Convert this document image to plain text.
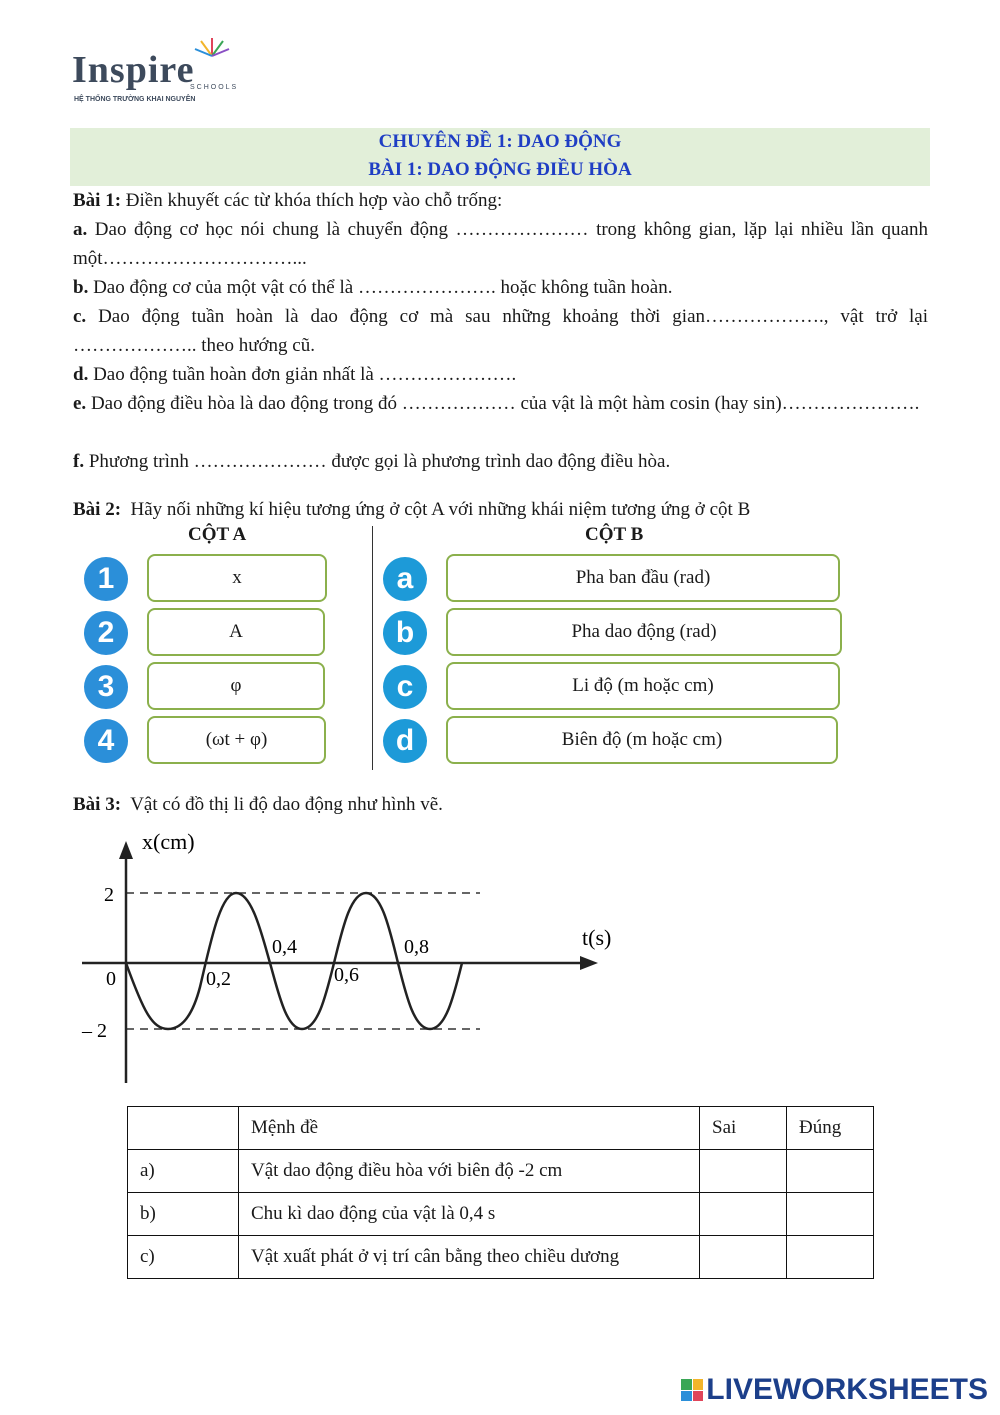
Inspire
SCHOOLS
HỆ THỐNG TRƯỜNG KHAI NGUYÊN
CHUYÊN ĐỀ 1: DAO ĐỘNG
BÀI 1: DAO ĐỘNG ĐIỀU HÒA
Bài 1: Điền khuyết các từ khóa thích hợp vào chỗ trống:
a. Dao động cơ học nói chung là chuyển động ………………… trong không gian, lặp lại nhiều lần quanh một…………………………...
b. Dao động cơ của một vật có thể là …………………. hoặc không tuần hoàn.
c. Dao động tuần hoàn là dao động cơ mà sau những khoảng thời gian………………., vật trở lại ……………….. theo hướng cũ.
d. Dao động tuần hoàn đơn giản nhất là ………………….
e. Dao động điều hòa là dao động trong đó ……………… của vật là một hàm cosin (hay sin)………………….
f. Phương trình ………………… được gọi là phương trình dao động điều hòa.
Bài 2: Hãy nối những kí hiệu tương ứng ở cột A với những khái niệm tương ứng ở cột B
CỘT A	CỘT B
1	x
2	A
3	φ
4	(ωt + φ)
a	Pha ban đầu (rad)
b	Pha dao động (rad)
c	Li độ (m hoặc cm)
d	Biên độ (m hoặc cm)
Bài 3: Vật có đồ thị li độ dao động như hình vẽ.
x(cm)
t(s)
2
0
– 2
0,2
0,4
0,6
0,8
	Mệnh đề	Sai	Đúng
a)	Vật dao động điều hòa với biên độ -2 cm		
b)	Chu kì dao động của vật là 0,4 s		
c)	Vật xuất phát ở vị trí cân bằng theo chiều dương		
LIVEWORKSHEETS
